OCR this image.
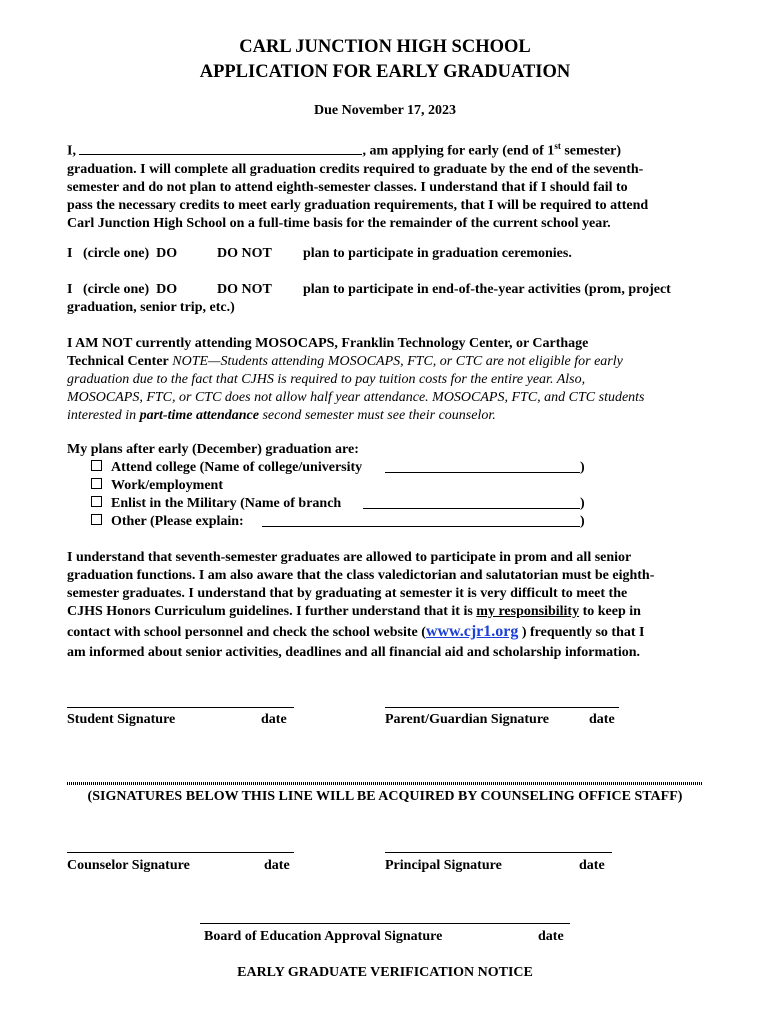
CARL JUNCTION HIGH SCHOOL
APPLICATION FOR EARLY GRADUATION
Due November 17, 2023
I,	, am applying for early (end of 1st semester)
graduation. I will complete all graduation credits required to graduate by the end of the seventh-
semester and do not plan to attend eighth-semester classes. I understand that if I should fail to
pass the necessary credits to meet early graduation requirements, that I will be required to attend
Carl Junction High School on a full-time basis for the remainder of the current school year.
I   (circle one)  DO	DO NOT plan to participate in graduation ceremonies.
I   (circle one)  DO	DO NOT plan to participate in end-of-the-year activities (prom, project
graduation, senior trip, etc.)
I AM NOT currently attending MOSOCAPS, Franklin Technology Center, or Carthage
Technical Center NOTE—Students attending MOSOCAPS, FTC, or CTC are not eligible for early
graduation due to the fact that CJHS is required to pay tuition costs for the entire year. Also,
MOSOCAPS, FTC, or CTC does not allow half year attendance. MOSOCAPS, FTC, and CTC students
interested in part-time attendance second semester must see their counselor.
My plans after early (December) graduation are:
Attend college (Name of college/university	)
Work/employment
Enlist in the Military (Name of branch	)
Other (Please explain:	)
I understand that seventh-semester graduates are allowed to participate in prom and all senior
graduation functions. I am also aware that the class valedictorian and salutatorian must be eighth-
semester graduates. I understand that by graduating at semester it is very difficult to meet the
CJHS Honors Curriculum guidelines. I further understand that it is my responsibility to keep in
contact with school personnel and check the school website (www.cjr1.org ) frequently so that I
am informed about senior activities, deadlines and all financial aid and scholarship information.
Student Signature	date	Parent/Guardian Signature	date
(SIGNATURES BELOW THIS LINE WILL BE ACQUIRED BY COUNSELING OFFICE STAFF)
Counselor Signature	date	Principal Signature	date
Board of Education Approval Signature	date
EARLY GRADUATE VERIFICATION NOTICE
